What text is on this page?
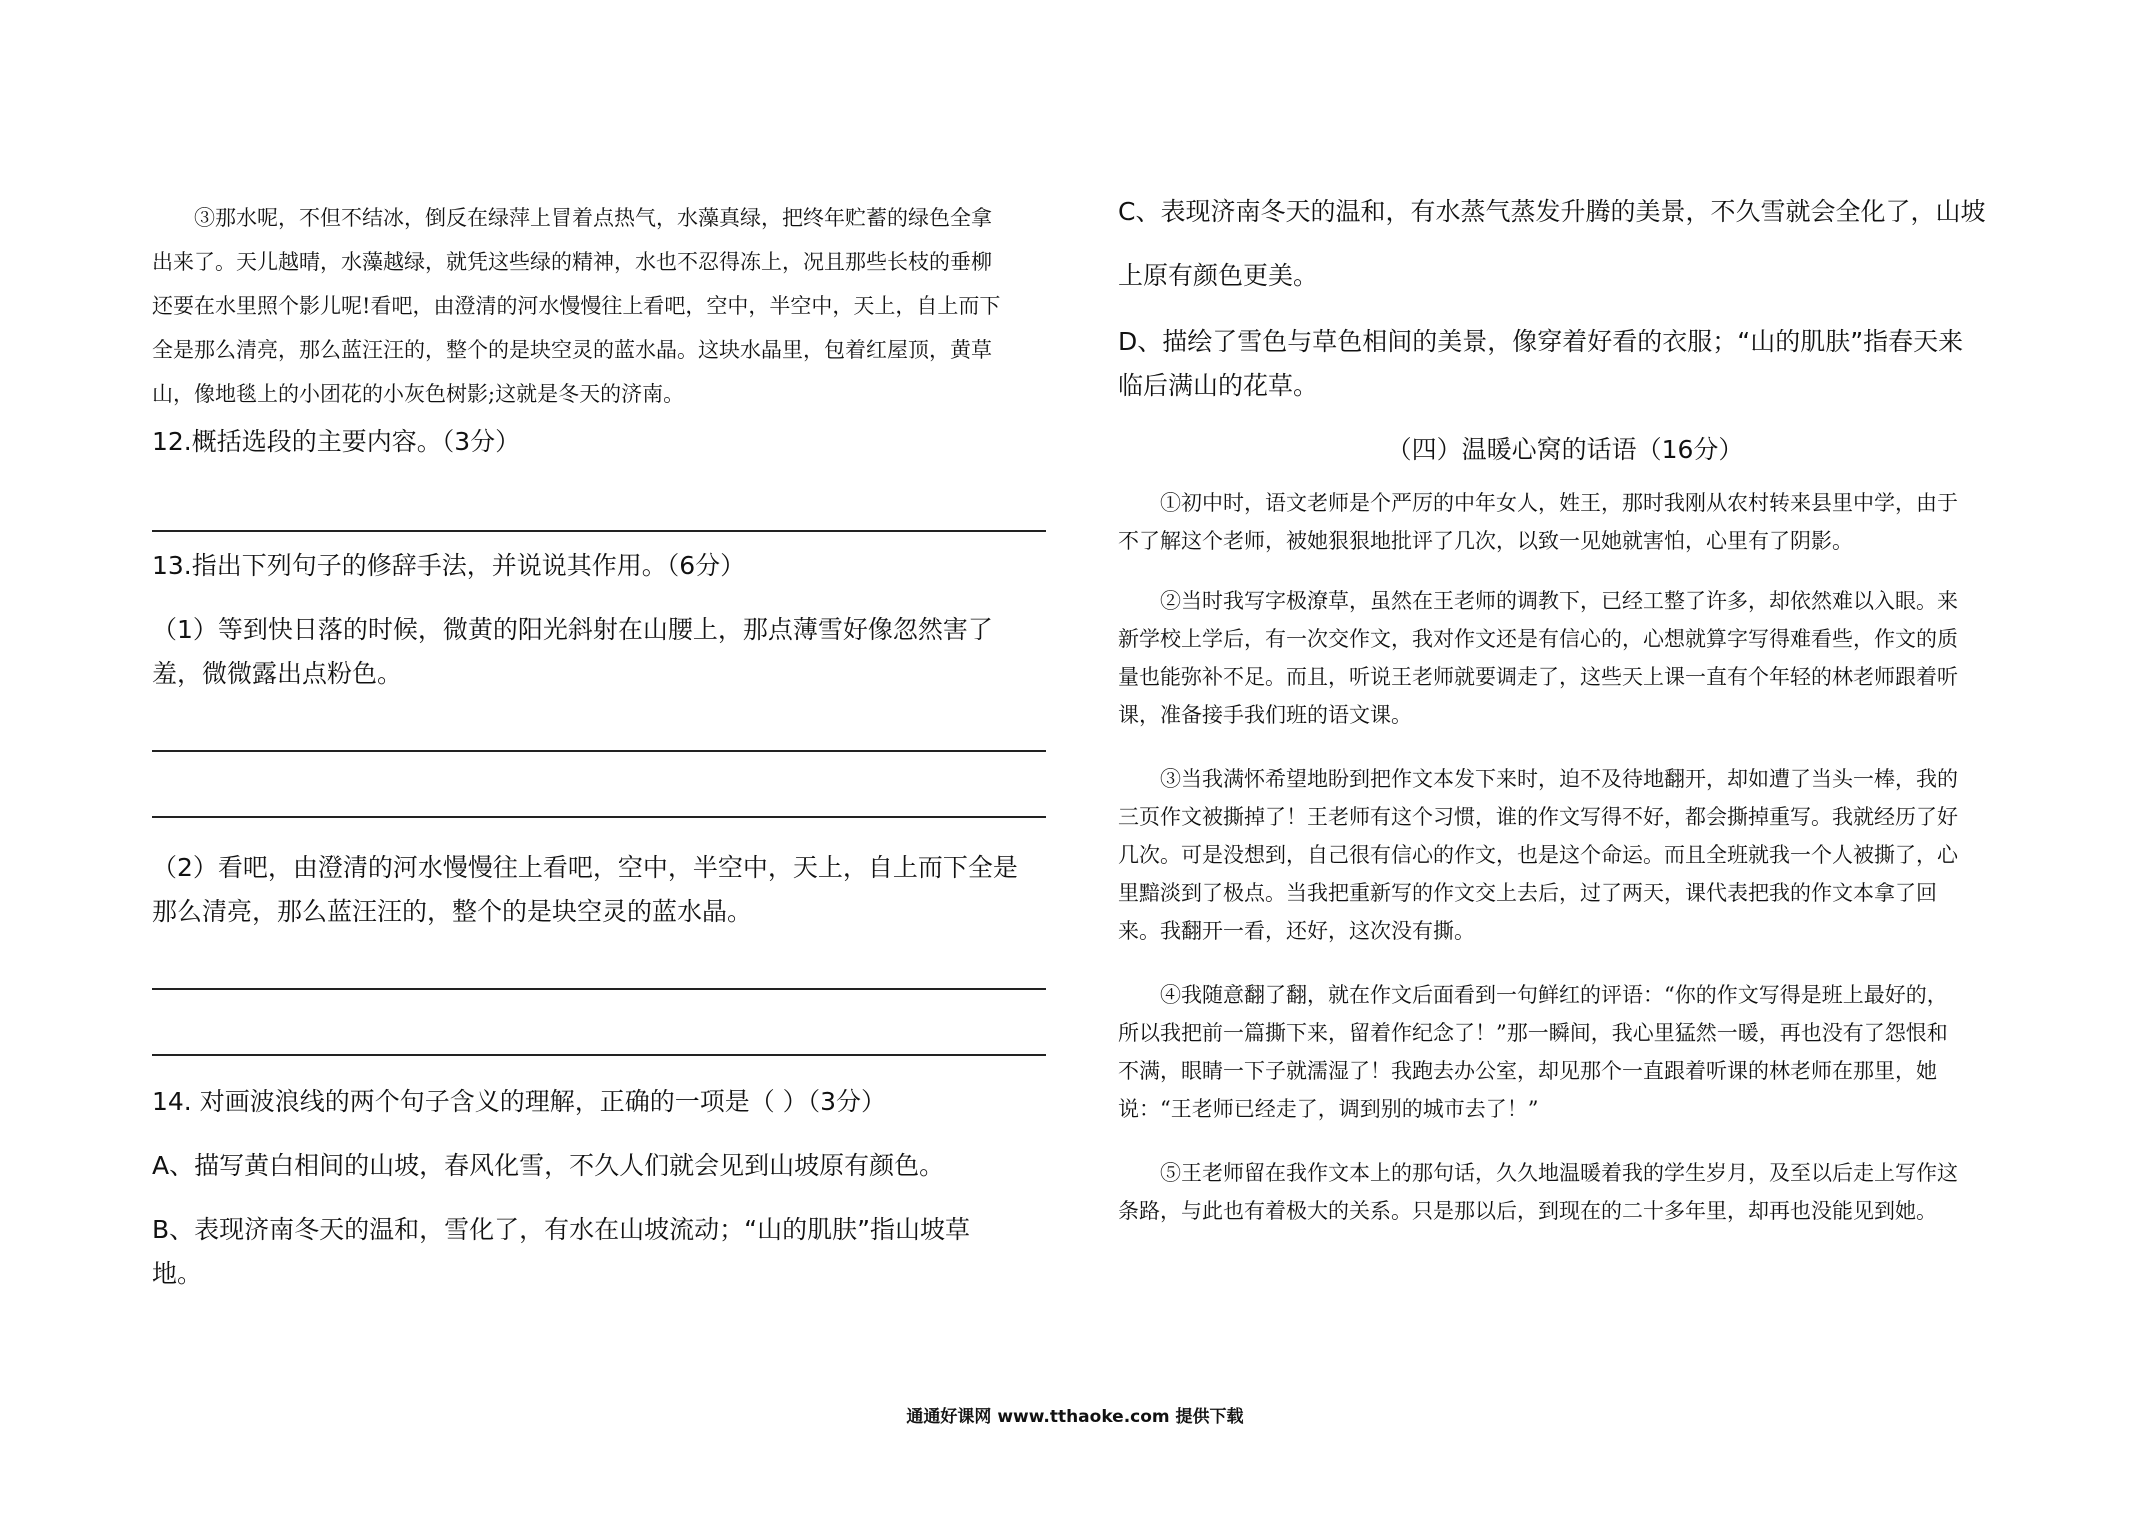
③那水呢，不但不结冰，倒反在绿萍上冒着点热气，水藻真绿，把终年贮蓄的绿色全拿

出来了。天儿越晴，水藻越绿，就凭这些绿的精神，水也不忍得冻上，况且那些长枝的垂柳

还要在水里照个影儿呢!看吧，由澄清的河水慢慢往上看吧，空中，半空中，天上，自上而下

全是那么清亮，那么蓝汪汪的，整个的是块空灵的蓝水晶。这块水晶里，包着红屋顶，黄草

山，像地毯上的小团花的小灰色树影;这就是冬天的济南。

12.概括选段的主要内容。（3分）

13.指出下列句子的修辞手法，并说说其作用。（6分）

（1）等到快日落的时候，微黄的阳光斜射在山腰上，那点薄雪好像忽然害了

羞，微微露出点粉色。

（2）看吧，由澄清的河水慢慢往上看吧，空中，半空中，天上，自上而下全是

那么清亮，那么蓝汪汪的，整个的是块空灵的蓝水晶。

14. 对画波浪线的两个句子含义的理解，正确的一项是（ ）（3分）

A、描写黄白相间的山坡，春风化雪，不久人们就会见到山坡原有颜色。

B、表现济南冬天的温和，雪化了，有水在山坡流动；“山的肌肤”指山坡草

地。

C、表现济南冬天的温和，有水蒸气蒸发升腾的美景，不久雪就会全化了，山坡

上原有颜色更美。

D、描绘了雪色与草色相间的美景，像穿着好看的衣服；“山的肌肤”指春天来

临后满山的花草。

（四）温暖心窝的话语（16分）

①初中时，语文老师是个严厉的中年女人，姓王，那时我刚从农村转来县里中学，由于

不了解这个老师，被她狠狠地批评了几次，以致一见她就害怕，心里有了阴影。

②当时我写字极潦草，虽然在王老师的调教下，已经工整了许多，却依然难以入眼。来

新学校上学后，有一次交作文，我对作文还是有信心的，心想就算字写得难看些，作文的质

量也能弥补不足。而且，听说王老师就要调走了，这些天上课一直有个年轻的林老师跟着听

课，准备接手我们班的语文课。

③当我满怀希望地盼到把作文本发下来时，迫不及待地翻开，却如遭了当头一棒，我的

三页作文被撕掉了！王老师有这个习惯，谁的作文写得不好，都会撕掉重写。我就经历了好

几次。可是没想到，自己很有信心的作文，也是这个命运。而且全班就我一个人被撕了，心

里黯淡到了极点。当我把重新写的作文交上去后，过了两天，课代表把我的作文本拿了回

来。我翻开一看，还好，这次没有撕。

④我随意翻了翻，就在作文后面看到一句鲜红的评语：“你的作文写得是班上最好的，

所以我把前一篇撕下来，留着作纪念了！”那一瞬间，我心里猛然一暖，再也没有了怨恨和

不满，眼睛一下子就濡湿了！我跑去办公室，却见那个一直跟着听课的林老师在那里，她

说：“王老师已经走了，调到别的城市去了！”

⑤王老师留在我作文本上的那句话，久久地温暖着我的学生岁月，及至以后走上写作这

条路，与此也有着极大的关系。只是那以后，到现在的二十多年里，却再也没能见到她。

通通好课网 www.tthaoke.com 提供下载
